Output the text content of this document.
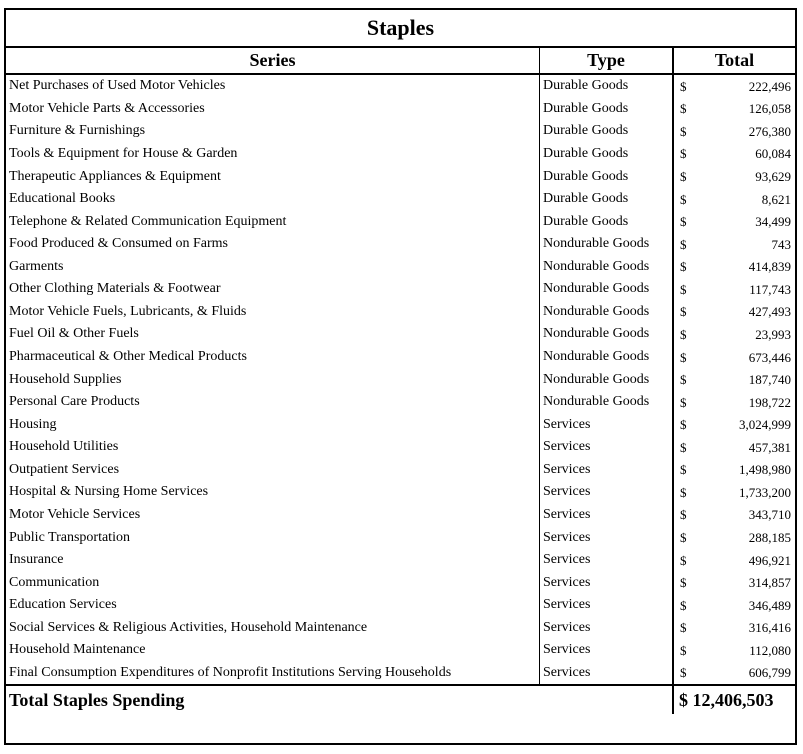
Staples
Series	Type	Total
Net Purchases of Used Motor Vehicles	Durable Goods	$	222,496
Motor Vehicle Parts & Accessories	Durable Goods	$	126,058
Furniture & Furnishings	Durable Goods	$	276,380
Tools & Equipment for House & Garden	Durable Goods	$	60,084
Therapeutic Appliances & Equipment	Durable Goods	$	93,629
Educational Books	Durable Goods	$	8,621
Telephone & Related Communication Equipment	Durable Goods	$	34,499
Food Produced & Consumed on Farms	Nondurable Goods	$	743
Garments	Nondurable Goods	$	414,839
Other Clothing Materials & Footwear	Nondurable Goods	$	117,743
Motor Vehicle Fuels, Lubricants, & Fluids	Nondurable Goods	$	427,493
Fuel Oil & Other Fuels	Nondurable Goods	$	23,993
Pharmaceutical & Other Medical Products	Nondurable Goods	$	673,446
Household Supplies	Nondurable Goods	$	187,740
Personal Care Products	Nondurable Goods	$	198,722
Housing	Services	$	3,024,999
Household Utilities	Services	$	457,381
Outpatient Services	Services	$	1,498,980
Hospital & Nursing Home Services	Services	$	1,733,200
Motor Vehicle Services	Services	$	343,710
Public Transportation	Services	$	288,185
Insurance	Services	$	496,921
Communication	Services	$	314,857
Education Services	Services	$	346,489
Social Services & Religious Activities, Household Maintenance	Services	$	316,416
Household Maintenance	Services	$	112,080
Final Consumption Expenditures of Nonprofit Institutions Serving Households	Services	$	606,799
Total Staples Spending	$ 12,406,503
